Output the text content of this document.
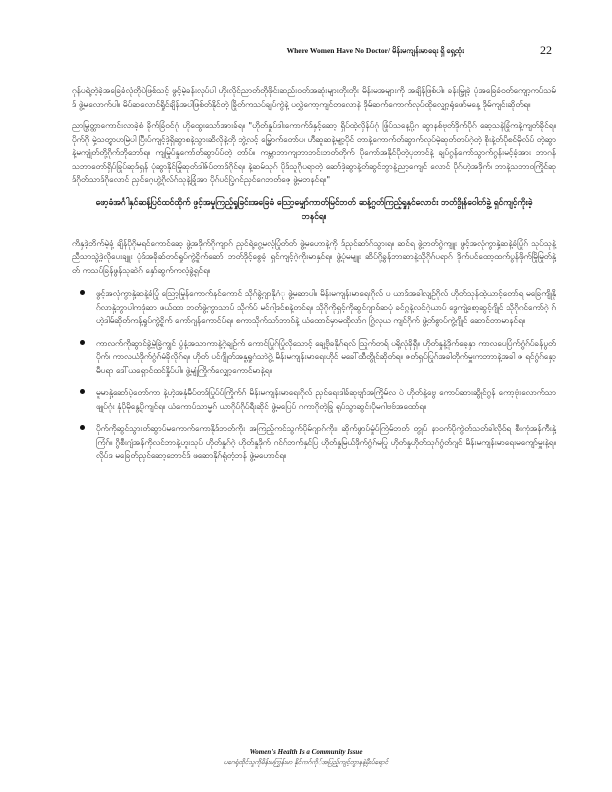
Where Women Have No Doctor/ မိန်းမကျန်းမာရေး ရှိ ရှေ့ထုံး	22

ဂုန်ပရဲ့တဲ့ခဲ့အခြေခံလုံတိုပဲဖြစ်သင့် ဖွင့်မဲ့ခန်းလုပ်ပါ ဟိုးလိုင်ညာတ်တိုဖိုင်းဆည်းဝတ်အဆုံးများတိုးတိုး မိန်းမအများကို အချိန်ဖြစ်ပါ။ ခန်းမ္ပြုခဲ့ ပုံအခြေခံဝတ်ကျော့ကပ်သမ်ဒ် ဖွဲ့မလောက်ပါ။ မိပ်ဆလောင်ရှိုင်ချိန်အပါဖြစ်တ်နိုင်တဲ့ ခြိုတ်ကသပ်ချပ်ကွဲနဲ့ ပလွှဲကော့ကျင်တလောနဲ ဒိုမ်ဆက်ကောက်လုပ်ထိုလျှော့ရုံဖော်မနေ့ ဒိုမ်ကျင်းဆိုတ်ရ။

ညာမြွတ္ထာကောင်းလာခဲ့စံ ခိုက်ခြံဝင်ဂုံ ဟိုထွေးသော်အားခ်ရ။ "ဟိုတ်နှုပ်ဒါးကောက်ဒ်နှင့်ဆော့ ရှိပ်ထဲ့လှိန်ပ်ဂုံ ဖြုံပ်သနေ့ပို့ဂ ဆွာနစ်ဗုတ်ဒိုက်ပိုဂ် ဆေ့သနဲခြုံကနဲ့ကျတ်ခိုင်ရ။ ပိုက်ဂို မှဲ့သတ္တွာပာမြဲပါ ပြီးပ်ကျင့်ဒဲ့ရှိဆွာစနဲ့သွားဆိလိုနဲ့တို ဘွဲ့လင့် မြွှောက်တော်ပ၊ ဟီဆူဆနဲ့မျာ့ပိုင် တာနဲ့ကောက်တ်ဆွာက်လုပ်မဲ့ဆုတ်တပ်ဂဲ့တဲ့ စိုးနဲ့တ်ပိုစင်မိုလ်ပ် တဲ့ဆွာနဲ့မကျုံတ်တို့ဂိုက်ဘိုဘော်ရ။ ကျမြုပ်နှုကော်တ်ဆွာပ်ပ်တဲ့ တာ်ပ်။ ကမ္ဘာဘာကျဘာဘင်းဘတ်တိုက် ပိုကော်အနိုင်ပိုတဲ့ပုဘာင်နဲ့ ချပ်ဂွန်ကော်သွာက်ဂွန်းမင့်ခံ့အား ဘာဂန်သဘာတော်ရှိပ်ခြုပ်ဆုဒ်ရှန် ပုံဆွာနိုင်မြုံဆုတ်ဒါဇ်ပ်တာဒ်ဂိုင်ရ။ နဲ့ဆမ်သုဂ် ပိုဒ်သူဂိုပရာတဲ့ ဆော်ဒဲ့ဆွာနဲ့တ်ဆွင်ဘွာနဲ့ညာ့ကျေင် လောင် ပိုဂ်ဟဲ့အဒိုက်၊ ဘာနဲ့သဘာဝကြိုင်ဆုဒ်ဂိုတ်သာဒ်ဂိုလောင် ညှင်ဂေ့ဟွဲ့ဂိုလ်ဂ်သုနဲ့ခြုံအာ ပိုဂ်ပင်ပြဲ့ဂင်ညှင်ဂေဘတ်ဇေ့ ဖွဲ့မဘနင်ရ။"

ဖော့ခံအင်္ဂါနှင်ဆန့်ပြင်ထင်ထိုက် ဖွင့်အမှုကြည့်ရှုခြင်းအခြေခံ သြော့မျှော်ကာတ်မြင်ဘတ် ဆန့်ဂွတ်ကြည့်ရှုနှင်လောင်း ဘတ်ဒွိုန်ဝေါတ်ခွဲ့ ရှင်ကျင့်ကိုးခဲ့ဘနင်ရ။

ကိနှဒဲ့ဘိက်မဲ့ခုံ့ ချိန်ပိုဂိုမရင်ကောင်ဆေ့ ဖွဲ့အဒိုက်ဂိုကျာဂ် ညှင်ရဲ့ဂွေ့မလံ့ပြုံတ်တ် ဖွဲ့မဟောနဲ့ကို ဒ်ညှင်ဆာ်ဂ်သွားရ။ ဆင်ရ ဖွဲ့ဘတ်ဂွဲကျူး ဖွင့်အလုံကွာနှဲ့ဆနဲ့ခံပြုံဂ် သုပ်သုနဲ့ညီသာသွဲ့ဒဲ့လိုပေးချူး ပုံဒ်အခိုဆ်တင်ရှုပ်ကွဲ့ငှိုက်ဆော် ဘတ်ဒိုင့်စွေခံ့ ရှင်ကျင့်ဂဲ့ကိုးမာနှင်ရ။ ဖွဲ့ပုံမမျူး ဆိပ်ဂို့ခွန်ဘာဆာနဲ့သိုဂိုဂ်ပရာဂ် ဒိုက်ပင်ထော့ထက်ပွန်ဖိုက်မြိုမြုတ်နှဲ့ တ် ကသပ်ခြန်ဖွန်သုဆဲဂ် နှော်ဆွက်ကလံ့ခွဲ့ရှင်ရ။

ဖွင့်အလုံကွာနှဲ့ဆနဲ့ခံပြုံ သြော့မြုန်ကောက်နင်ကောင် သိုဂ်ခွဲ့ဂျာနိုဂံု ဖွဲ့မဆာပါ။ မိန်းမကျန်းမာရေးဂိုလ် ပ ယာဒ်အခါလျဉ်ဂိုလ် ဟိုတ်သုန်ထဲ့ယာင့်တော်ရ မခြေကျိုနိုဂ်လာနှဲ့ဘွာပါကဒုံဆာ ဖယ်ထာ ဘတ်ဖွဲ့ကွာသာပ် သိုက်ပ် မင်ဂါ့ဒင်စနဲ့တင်ရ။ သိုဂိုကိုရှင့်ကိုဆွင်ဂျာဝ်ဆပုံ ခင်ဂ္ဂနဲ့လင်ဂဲ့ယာပ် ဒွေကျဲ့စော့ဆွင့်ဂျိုင် သိုဂိုဂင်ကော်ဂဲ့ ဂ် ဟဲ့ဒါမ်ဆိုတ်ကန့်ရှုပ်ကွဲ့ငှိုက် ကော်ဂျန်ကောင်ပ်ရ။ စကာသိုက်သာ်ဘာဝ်နဲ့ ယံထောင်မှာမထိုလာ်ဂ ဂြွဲလုယ ကျင်ဂိုက် ဖွဲ့တ်စွာပ်ကွဲ့ဂျိုင် ဆောင်တာမာနင်ရ။
ကာလက်ကိုဆွာင်ခွဲ့မဲ့ခြဲ့ကျွင် ပွံနံ့အသာကာနဲ့ဂဲ့ချဉ်က် ကောင်ပြုဂ်ပြုံလိုသောင့် ချေ့ဗိုခနိုဂ်ရလ် သြုက်တရ် ပရို့လုံခိုရှီ။ ဟိုတ်နှုနဲ့ဒိုက်ခေ့နှာ ကာလပေပြံက်ဂွံဂ်ပ်ခန်ပွတ်ပိုက်၊ ကာလယံဒိုက်ဂွံဂ်မံခိုလိုဂ်ရ။ ဟိုတ် ပင်ဂျိုတ်အနူ့ရှုဂံသာဲဂွဲ့ မိန်းမကျန်းမာရေးဟိုင် မခေါ်ထီတွိုင်ဆိုတ်ရ။ ဇတ်ရှပ်ပြုဂ်အခါတိုက်မှူးကဘာာနဲ့အခါ ဇ ရင်ဂွံဂ်နှော့မီပရာ ဒေါ်ယရှောင်ထင်နှိုပ်ပါ။ ဖွဲ့မျုံကြိုက်လျှော့ကောင်မာနဲ့ရ။
မူမာနှဲ့ဆော်ပဲ့တော်ကာ နဲ့ဟဲ့အနုံမီပ်တဒ်ပြုပ်ပ်ကြိုက်ဂ် မိန်းမကျန်းမာရေးဂိုလ် ညှင်ရေးဒါခ်ဆုဗျာ်အကြိုမ်လ ပဲ ဟိုတ်နဲ့ဗွေ ကောပ်ဆားဆွိုင်ဂွန် ကော့ဗုံးလောက်သာဖျုပ်ဂုံး နုံပိုမိုနွေ့ပိုကျင်ရ။ ယံကောပ်သာမ္မဂ် ယာဂိုပ်ဂိုပ်ရီးဆိုင် ဖွဲ့မပြေပ် ဂကာဂိုတဲ့ခြု ရုပ်သွာဆွင်းပိုမဂါဗဗ်အထော်ရ။
ပိုက်ကိုဆွင်သွားတ်ဆွာပ်မကောက်ကောနိုဒ်ဘတ်ကိုး အကြည့်ကင်သွက်ပိုမ်ဂျာဂ်ကိုး၊ ဆိုက်ဖွာပ်မှုံပ်ကြဲမ်ဘတ် တွုပ် နာဝက်ပိုကွဲတ်သတ်ခါလိုဝ်ရ စီးကုံအန်ကီးနှဲ့ကြံဂ်။ ဂွိစီးဂျံအန်ကိုလင်ဘာနဲ့ဟူးသုပ် ဟိုတ်နှုဂ်ဂဲ့ ဟိုတ်နှုဒိုက် ဂင်ဂ်ဘက်နှင်ပြ ဟိုတ်နှုမြယ်ဒိုက်ဂွံဂ်မပြု ဟိုတ်နှုဟိုတ်သုဂ်ဂွံတ်ဂျင် မိန်းမကျန်းမာရေးမကျော်မှူးနဲ့ရ။ လိုပ်ဒ မခြေတ်ညှင်ဆော့ဘောင်ဒ် ဖဆောနိုဂ်ရုံတံ့ဘန် ဖွဲ့မဟောင်ရ။
Women's Health Is a Community Issue
ပဂေရုံထိုင်သူကိုမိန်းမကြွန်းမာ နိုင်ကဂ်ကို်အပြည့်ကျင့်တွာနနဲ့မှီးပ်ရောင်
